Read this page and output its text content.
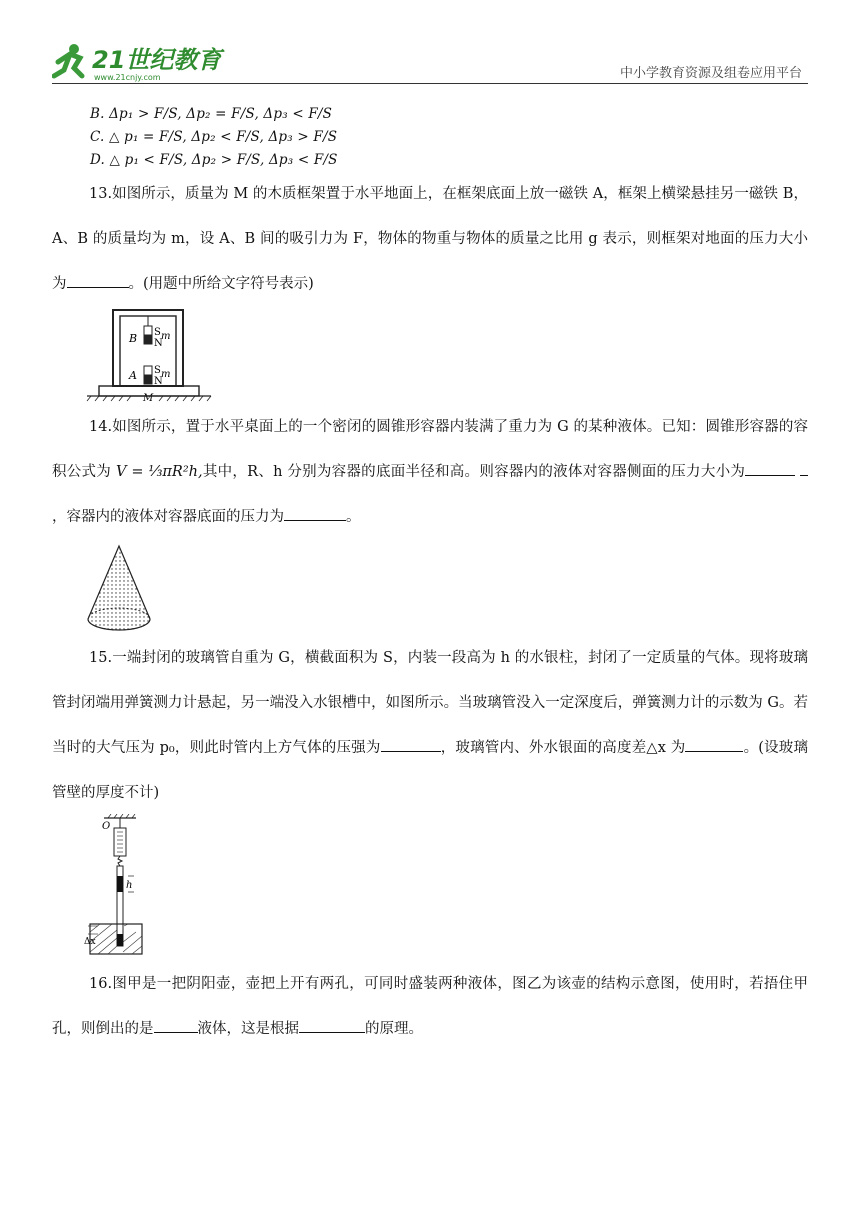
21世纪教育
www.21cnjy.com	中小学教育资源及组卷应用平台
B. Δp₁ > F/S, Δp₂ = F/S, Δp₃ < F/S
C. △ p₁ = F/S, Δp₂ < F/S, Δp₃ > F/S
D. △ p₁ < F/S, Δp₂ > F/S, Δp₃ < F/S

13.如图所示，质量为 M 的木质框架置于水平地面上，在框架底面上放一磁铁 A，框架上横梁悬挂另一磁铁 B，A、B 的质量均为 m，设 A、B 间的吸引力为 F，物体的物重与物体的质量之比用 g 表示，则框架对地面的压力大小为	。(用题中所给文字符号表示)

B S
N
m
A S
N
m
M

14.如图所示，置于水平桌面上的一个密闭的圆锥形容器内装满了重力为 G 的某种液体。已知：圆锥形容器的容积公式为 V = ⅓πR²h,其中，R、h 分别为容器的底面半径和高。则容器内的液体对容器侧面的压力大小为 ，容器内的液体对容器底面的压力为	。

15.一端封闭的玻璃管自重为 G，横截面积为 S，内装一段高为 h 的水银柱，封闭了一定质量的气体。现将玻璃管封闭端用弹簧测力计悬起，另一端没入水银槽中，如图所示。当玻璃管没入一定深度后，弹簧测力计的示数为 G。若当时的大气压为 p₀，则此时管内上方气体的压强为	，玻璃管内、外水银面的高度差△x 为	。(设玻璃管壁的厚度不计)

O
h
Δx

16.图甲是一把阴阳壶，壶把上开有两孔，可同时盛装两种液体，图乙为该壶的结构示意图，使用时，若捂住甲孔，则倒出的是	液体，这是根据	的原理。
